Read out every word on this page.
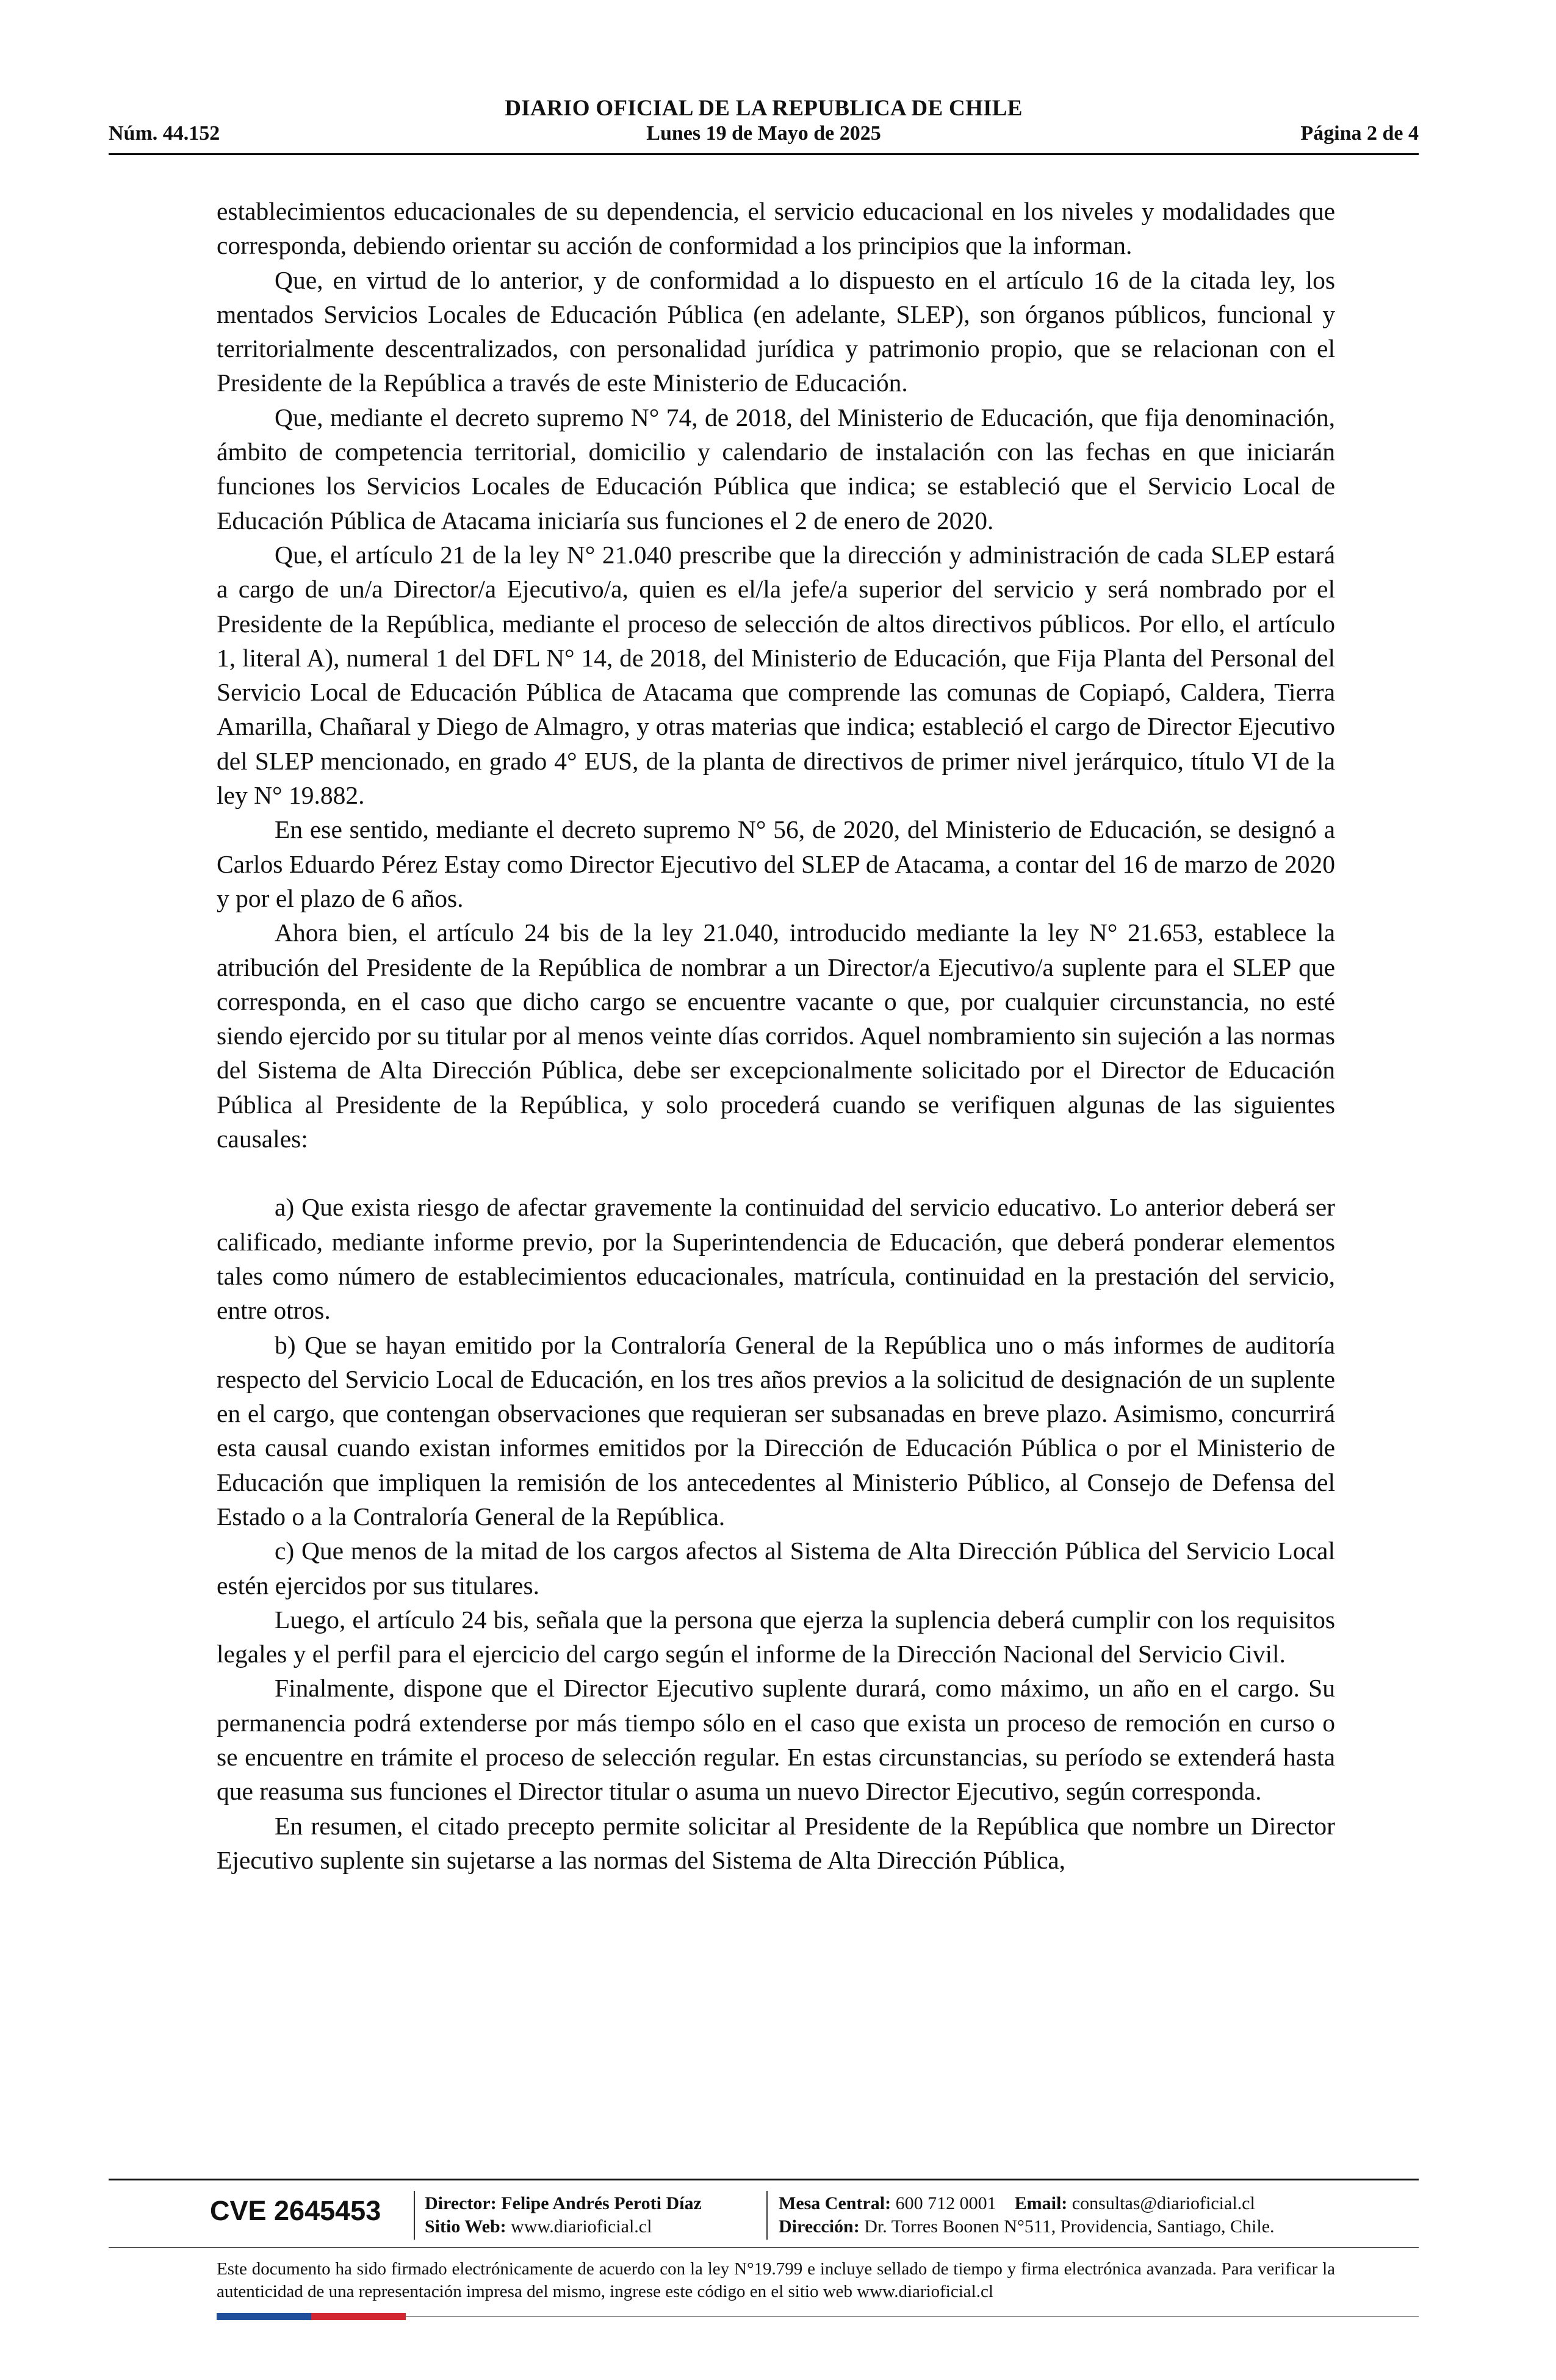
DIARIO OFICIAL DE LA REPUBLICA DE CHILE
Núm. 44.152	Lunes 19 de Mayo de 2025	Página 2 de 4

establecimientos educacionales de su dependencia, el servicio educacional en los niveles y modalidades que corresponda, debiendo orientar su acción de conformidad a los principios que la informan.

Que, en virtud de lo anterior, y de conformidad a lo dispuesto en el artículo 16 de la citada ley, los mentados Servicios Locales de Educación Pública (en adelante, SLEP), son órganos públicos, funcional y territorialmente descentralizados, con personalidad jurídica y patrimonio propio, que se relacionan con el Presidente de la República a través de este Ministerio de Educación.

Que, mediante el decreto supremo N° 74, de 2018, del Ministerio de Educación, que fija denominación, ámbito de competencia territorial, domicilio y calendario de instalación con las fechas en que iniciarán funciones los Servicios Locales de Educación Pública que indica; se estableció que el Servicio Local de Educación Pública de Atacama iniciaría sus funciones el 2 de enero de 2020.

Que, el artículo 21 de la ley N° 21.040 prescribe que la dirección y administración de cada SLEP estará a cargo de un/a Director/a Ejecutivo/a, quien es el/la jefe/a superior del servicio y será nombrado por el Presidente de la República, mediante el proceso de selección de altos directivos públicos. Por ello, el artículo 1, literal A), numeral 1 del DFL N° 14, de 2018, del Ministerio de Educación, que Fija Planta del Personal del Servicio Local de Educación Pública de Atacama que comprende las comunas de Copiapó, Caldera, Tierra Amarilla, Chañaral y Diego de Almagro, y otras materias que indica; estableció el cargo de Director Ejecutivo del SLEP mencionado, en grado 4° EUS, de la planta de directivos de primer nivel jerárquico, título VI de la ley N° 19.882.

En ese sentido, mediante el decreto supremo N° 56, de 2020, del Ministerio de Educación, se designó a Carlos Eduardo Pérez Estay como Director Ejecutivo del SLEP de Atacama, a contar del 16 de marzo de 2020 y por el plazo de 6 años.

Ahora bien, el artículo 24 bis de la ley 21.040, introducido mediante la ley N° 21.653, establece la atribución del Presidente de la República de nombrar a un Director/a Ejecutivo/a suplente para el SLEP que corresponda, en el caso que dicho cargo se encuentre vacante o que, por cualquier circunstancia, no esté siendo ejercido por su titular por al menos veinte días corridos. Aquel nombramiento sin sujeción a las normas del Sistema de Alta Dirección Pública, debe ser excepcionalmente solicitado por el Director de Educación Pública al Presidente de la República, y solo procederá cuando se verifiquen algunas de las siguientes causales:

a) Que exista riesgo de afectar gravemente la continuidad del servicio educativo. Lo anterior deberá ser calificado, mediante informe previo, por la Superintendencia de Educación, que deberá ponderar elementos tales como número de establecimientos educacionales, matrícula, continuidad en la prestación del servicio, entre otros.

b) Que se hayan emitido por la Contraloría General de la República uno o más informes de auditoría respecto del Servicio Local de Educación, en los tres años previos a la solicitud de designación de un suplente en el cargo, que contengan observaciones que requieran ser subsanadas en breve plazo. Asimismo, concurrirá esta causal cuando existan informes emitidos por la Dirección de Educación Pública o por el Ministerio de Educación que impliquen la remisión de los antecedentes al Ministerio Público, al Consejo de Defensa del Estado o a la Contraloría General de la República.

c) Que menos de la mitad de los cargos afectos al Sistema de Alta Dirección Pública del Servicio Local estén ejercidos por sus titulares.

Luego, el artículo 24 bis, señala que la persona que ejerza la suplencia deberá cumplir con los requisitos legales y el perfil para el ejercicio del cargo según el informe de la Dirección Nacional del Servicio Civil.

Finalmente, dispone que el Director Ejecutivo suplente durará, como máximo, un año en el cargo. Su permanencia podrá extenderse por más tiempo sólo en el caso que exista un proceso de remoción en curso o se encuentre en trámite el proceso de selección regular. En estas circunstancias, su período se extenderá hasta que reasuma sus funciones el Director titular o asuma un nuevo Director Ejecutivo, según corresponda.

En resumen, el citado precepto permite solicitar al Presidente de la República que nombre un Director Ejecutivo suplente sin sujetarse a las normas del Sistema de Alta Dirección Pública,

CVE 2645453	Director: Felipe Andrés Peroti Díaz
Sitio Web: www.diarioficial.cl
Mesa Central: 600 712 0001 Email: consultas@diarioficial.cl
Dirección: Dr. Torres Boonen N°511, Providencia, Santiago, Chile.
Este documento ha sido firmado electrónicamente de acuerdo con la ley N°19.799 e incluye sellado de tiempo y firma electrónica avanzada. Para verificar la autenticidad de una representación impresa del mismo, ingrese este código en el sitio web www.diarioficial.cl
